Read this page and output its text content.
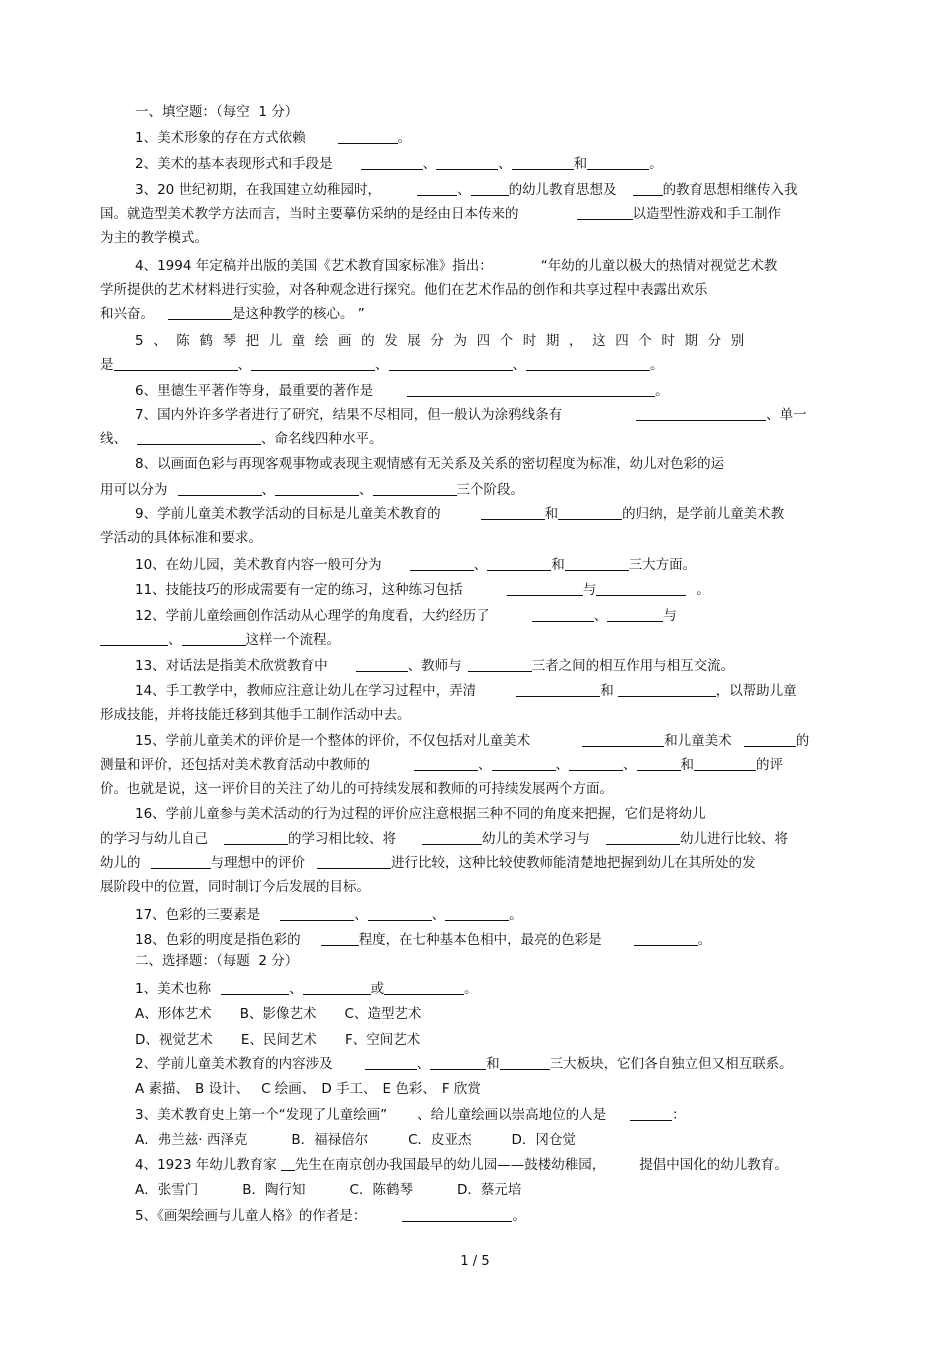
一、填空题：（每空  1 分）
1、美术形象的存在方式依赖	。
2、美术的基本表现形式和手段是	、	、	和	。
3、20 世纪初期，在我国建立幼稚园时，	、	的幼儿教育思想及	的教育思想相继传入我
国。就造型美术教学方法而言，当时主要摹仿采纳的是经由日本传来的	以造型性游戏和手工制作
为主的教学模式。
4、1994 年定稿并出版的美国《艺术教育国家标准》指出：	“年幼的儿童以极大的热情对视觉艺术教
学所提供的艺术材料进行实验，对各种观念进行探究。他们在艺术作品的创作和共享过程中表露出欢乐
和兴奋。	是这种教学的核心。 ”
5、陈鹤琴把儿童绘画的发展分为四个时期，这四个时期分别
是	、	、	、	。
6、里德生平著作等身，最重要的著作是	。
7、国内外许多学者进行了研究，结果不尽相同，但一般认为涂鸦线条有	、单一
线、	、命名线四种水平。
8、以画面色彩与再现客观事物或表现主观情感有无关系及关系的密切程度为标准，幼儿对色彩的运
用可以分为	、	、	三个阶段。
9、学前儿童美术教学活动的目标是儿童美术教育的	和	的归纳，是学前儿童美术教
学活动的具体标准和要求。
10、在幼儿园，美术教育内容一般可分为	、	和	三大方面。
11、技能技巧的形成需要有一定的练习，这种练习包括	与	。
12、学前儿童绘画创作活动从心理学的角度看，大约经历了	、	与
、	这样一个流程。
13、对话法是指美术欣赏教育中	、教师与	三者之间的相互作用与相互交流。
14、手工教学中，教师应注意让幼儿在学习过程中，弄清	和	，以帮助儿童
形成技能，并将技能迁移到其他手工制作活动中去。
15、学前儿童美术的评价是一个整体的评价，不仅包括对儿童美术	和儿童美术	的
测量和评价，还包括对美术教育活动中教师的	、	、	、	和	的评
价。也就是说，这一评价目的关注了幼儿的可持续发展和教师的可持续发展两个方面。
16、学前儿童参与美术活动的行为过程的评价应注意根据三种不同的角度来把握，它们是将幼儿
的学习与幼儿自己	的学习相比较、将	幼儿的美术学习与	幼儿进行比较、将
幼儿的	与理想中的评价	进行比较，这种比较使教师能清楚地把握到幼儿在其所处的发
展阶段中的位置，同时制订今后发展的目标。
17、色彩的三要素是	、	、	。
18、色彩的明度是指色彩的	程度，在七种基本色相中，最亮的色彩是	。
二、选择题：（每题  2 分）
1、美术也称	、	或	。
A、形体艺术 B、影像艺术 C、造型艺术
D、视觉艺术 E、民间艺术 F、空间艺术
2、学前儿童美术教育的内容涉及	、	和	三大板块，它们各自独立但又相互联系。
A 素描、 B 设计、 C 绘画、 D 手工、 E 色彩、 F 欣赏
3、美术教育史上第一个“发现了儿童绘画” 、给儿童绘画以崇高地位的人是	：
A．弗兰兹· 西泽克	B．福禄倍尔	C．皮亚杰	D．冈仓觉
4、1923 年幼儿教育家 先生在南京创办我国最早的幼儿园——鼓楼幼稚园，	提倡中国化的幼儿教育。
A．张雪门	B．陶行知	C．陈鹤琴	D．蔡元培
5、《画架绘画与儿童人格》的作者是：	。
1 / 5
